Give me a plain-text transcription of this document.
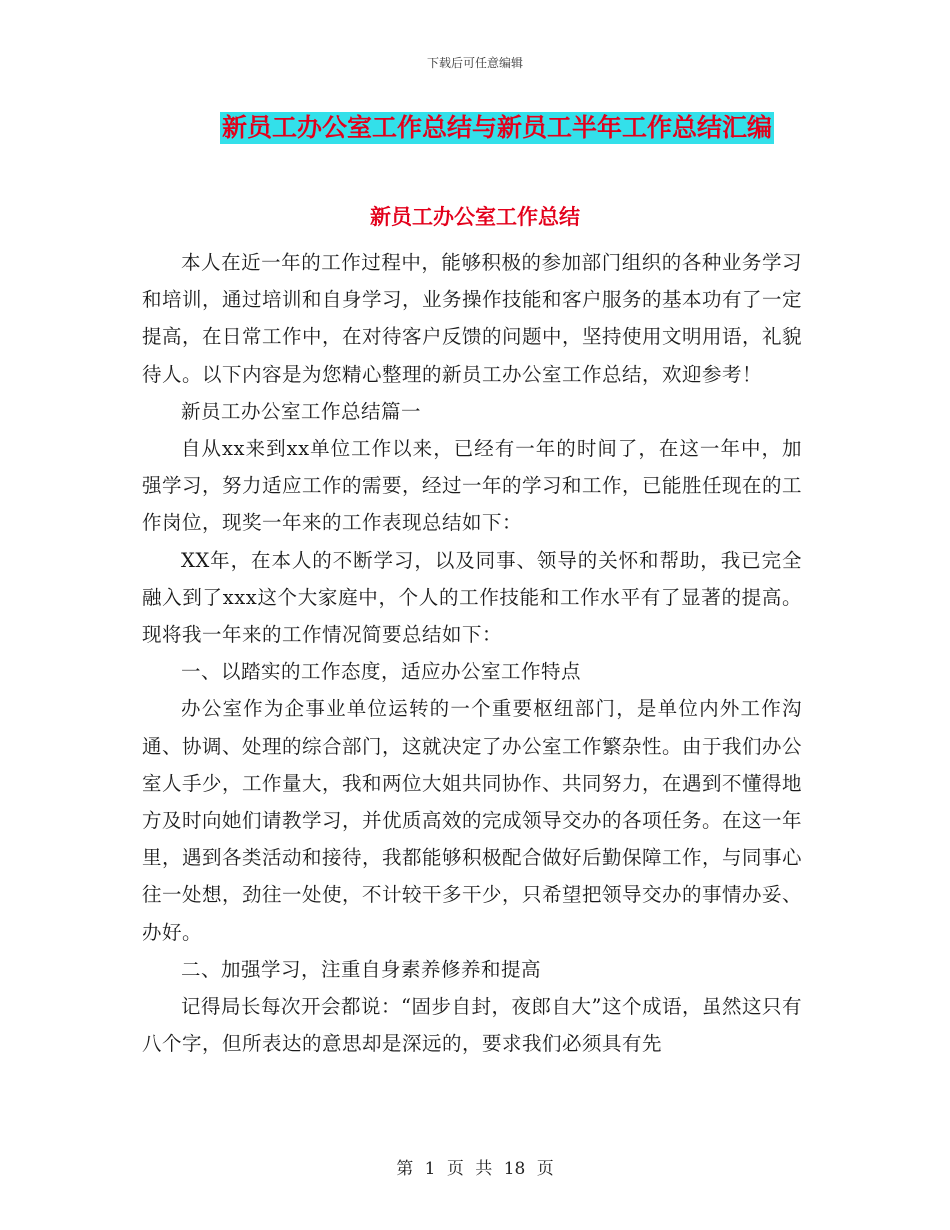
下载后可任意编辑
新员工办公室工作总结与新员工半年工作总结汇编
新员工办公室工作总结

本人在近一年的工作过程中，能够积极的参加部门组织的各种业务学习和培训，通过培训和自身学习，业务操作技能和客户服务的基本功有了一定提高，在日常工作中，在对待客户反馈的问题中，坚持使用文明用语，礼貌待人。以下内容是为您精心整理的新员工办公室工作总结，欢迎参考！

新员工办公室工作总结篇一

自从xx来到xx单位工作以来，已经有一年的时间了，在这一年中，加强学习，努力适应工作的需要，经过一年的学习和工作，已能胜任现在的工作岗位，现奖一年来的工作表现总结如下：

XX年，在本人的不断学习，以及同事、领导的关怀和帮助，我已完全融入到了xxx这个大家庭中，个人的工作技能和工作水平有了显著的提高。现将我一年来的工作情况简要总结如下：

一、以踏实的工作态度，适应办公室工作特点

办公室作为企事业单位运转的一个重要枢纽部门，是单位内外工作沟通、协调、处理的综合部门，这就决定了办公室工作繁杂性。由于我们办公室人手少，工作量大，我和两位大姐共同协作、共同努力，在遇到不懂得地方及时向她们请教学习，并优质高效的完成领导交办的各项任务。在这一年里，遇到各类活动和接待，我都能够积极配合做好后勤保障工作，与同事心往一处想，劲往一处使，不计较干多干少，只希望把领导交办的事情办妥、办好。

二、加强学习，注重自身素养修养和提高

记得局长每次开会都说：“固步自封，夜郎自大”这个成语，虽然这只有八个字，但所表达的意思却是深远的，要求我们必须具有先

第 1 页 共 18 页
